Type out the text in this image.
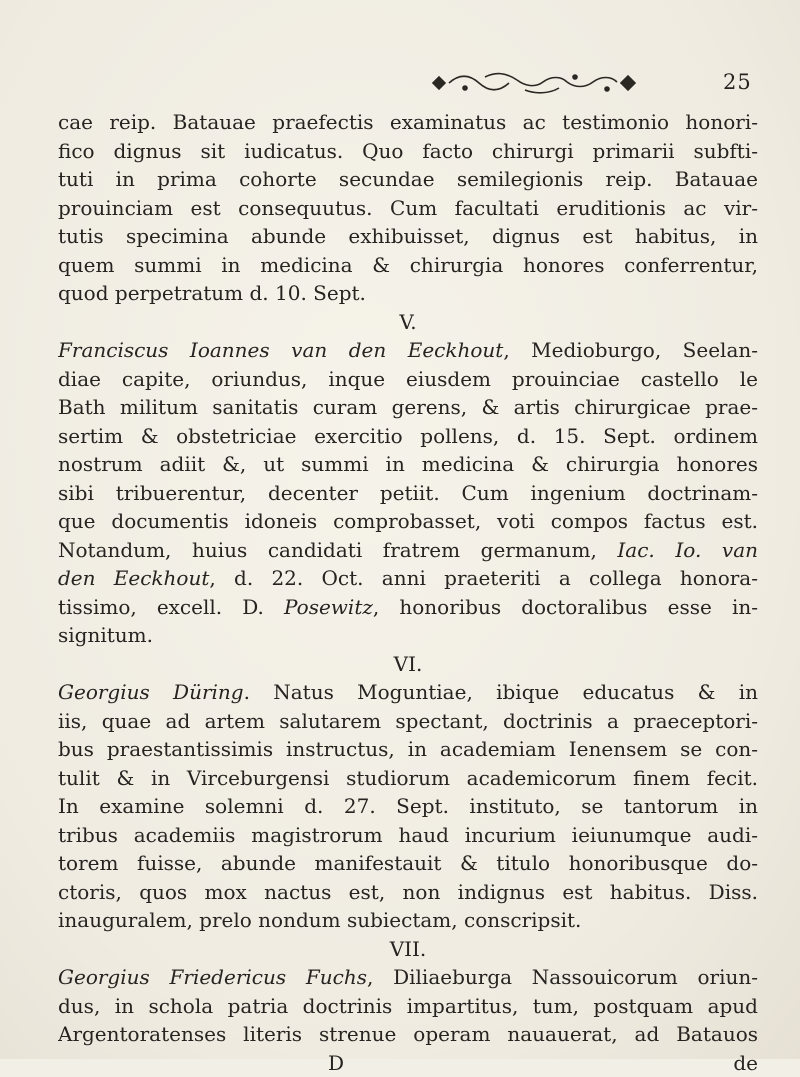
25
cae reip. Batauae praefectis examinatus ac testimonio honori-
fico dignus sit iudicatus. Quo facto chirurgi primarii subfti-
tuti in prima cohorte secundae semilegionis reip. Batauae
prouinciam est consequutus. Cum facultati eruditionis ac vir-
tutis specimina abunde exhibuisset, dignus est habitus, in
quem summi in medicina & chirurgia honores conferrentur,
quod perpetratum d. 10. Sept.
V.
Franciscus Ioannes van den Eeckhout, Medioburgo, Seelan-
diae capite, oriundus, inque eiusdem prouinciae castello le
Bath militum sanitatis curam gerens, & artis chirurgicae prae-
sertim & obstetriciae exercitio pollens, d. 15. Sept. ordinem
nostrum adiit &, ut summi in medicina & chirurgia honores
sibi tribuerentur, decenter petiit. Cum ingenium doctrinam-
que documentis idoneis comprobasset, voti compos factus est.
Notandum, huius candidati fratrem germanum, Iac. Io. van
den Eeckhout, d. 22. Oct. anni praeteriti a collega honora-
tissimo, excell. D. Posewitz, honoribus doctoralibus esse in-
signitum.
VI.
Georgius Düring. Natus Moguntiae, ibique educatus & in
iis, quae ad artem salutarem spectant, doctrinis a praeceptori-
bus praestantissimis instructus, in academiam Ienensem se con-
tulit & in Virceburgensi studiorum academicorum finem fecit.
In examine solemni d. 27. Sept. instituto, se tantorum in
tribus academiis magistrorum haud incurium ieiunumque audi-
torem fuisse, abunde manifestauit & titulo honoribusque do-
ctoris, quos mox nactus est, non indignus est habitus. Diss.
inauguralem, prelo nondum subiectam, conscripsit.
VII.
Georgius Friedericus Fuchs, Diliaeburga Nassouicorum oriun-
dus, in schola patria doctrinis impartitus, tum, postquam apud
Argentoratenses literis strenue operam nauauerat, ad Batauos
D	de
